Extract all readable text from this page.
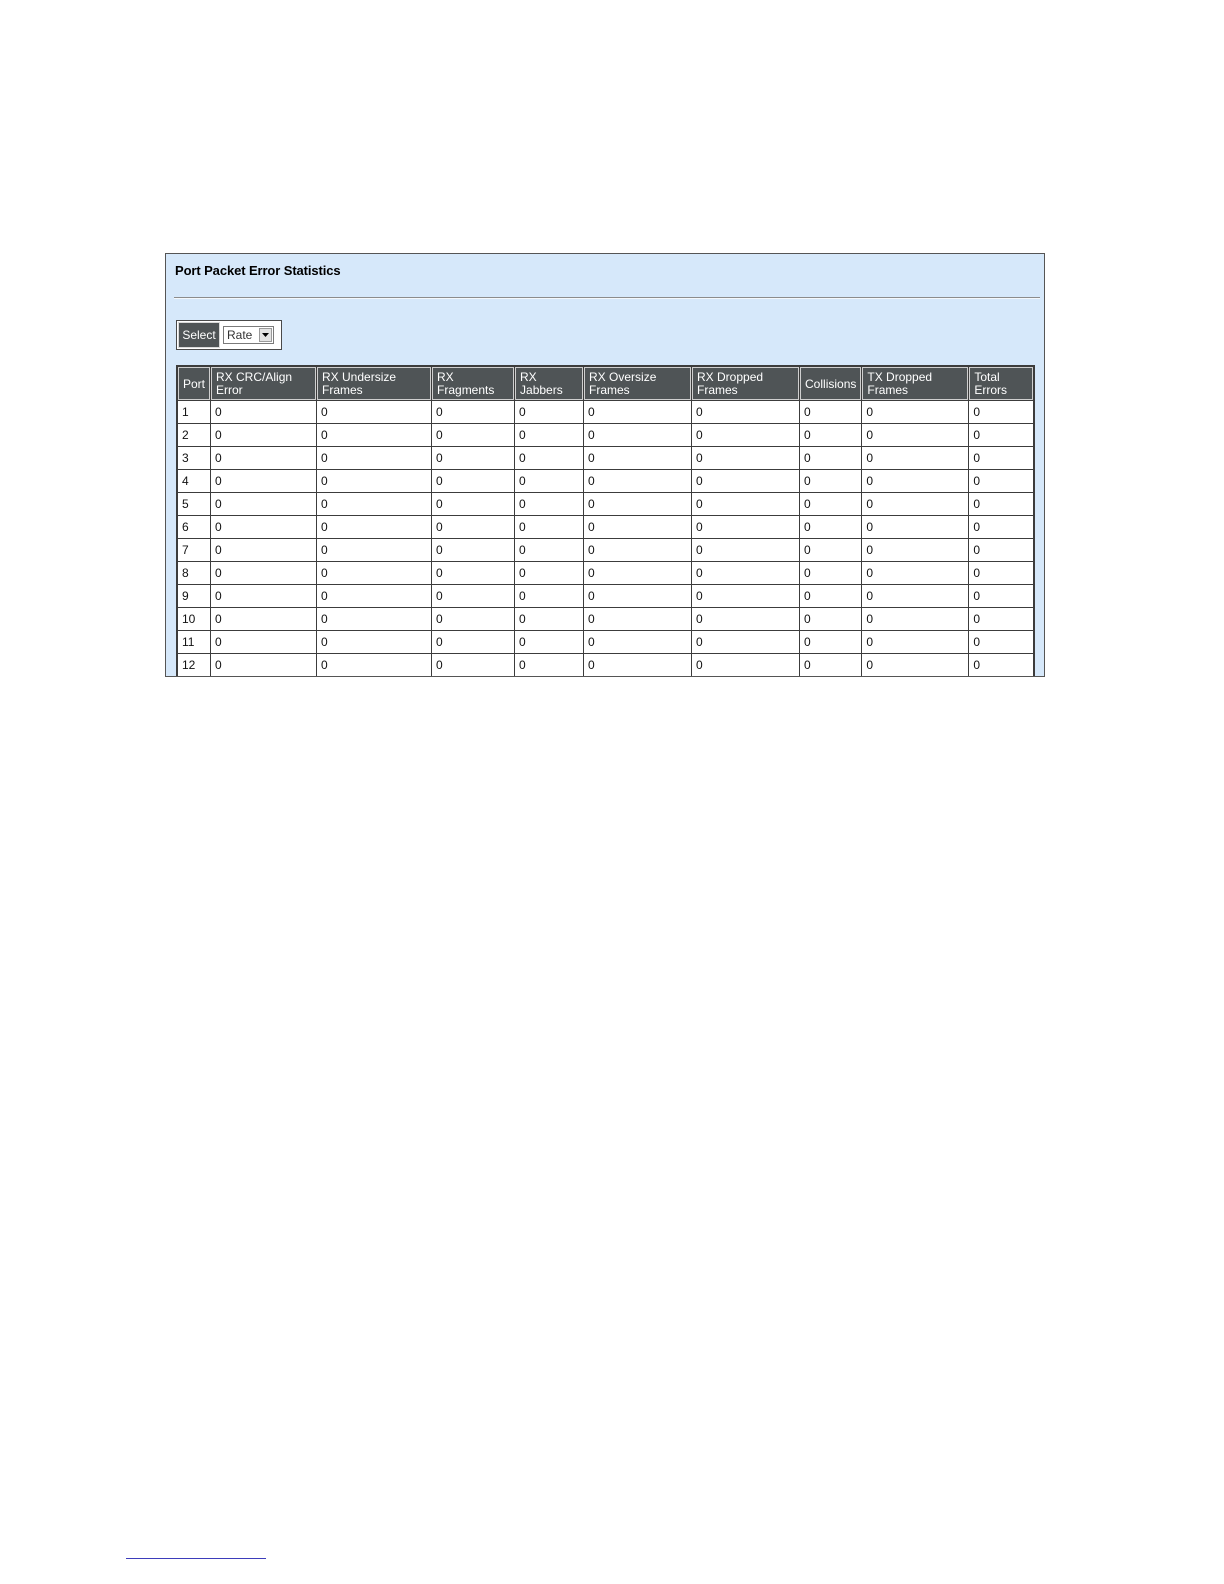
Port Packet Error Statistics
Select Rate
Port	RX CRC/Align Error	RX Undersize Frames	RX Fragments	RX Jabbers	RX Oversize Frames	RX Dropped Frames	Collisions	TX Dropped Frames	Total Errors
1	0	0	0	0	0	0	0	0	0
2	0	0	0	0	0	0	0	0	0
3	0	0	0	0	0	0	0	0	0
4	0	0	0	0	0	0	0	0	0
5	0	0	0	0	0	0	0	0	0
6	0	0	0	0	0	0	0	0	0
7	0	0	0	0	0	0	0	0	0
8	0	0	0	0	0	0	0	0	0
9	0	0	0	0	0	0	0	0	0
10	0	0	0	0	0	0	0	0	0
11	0	0	0	0	0	0	0	0	0
12	0	0	0	0	0	0	0	0	0
